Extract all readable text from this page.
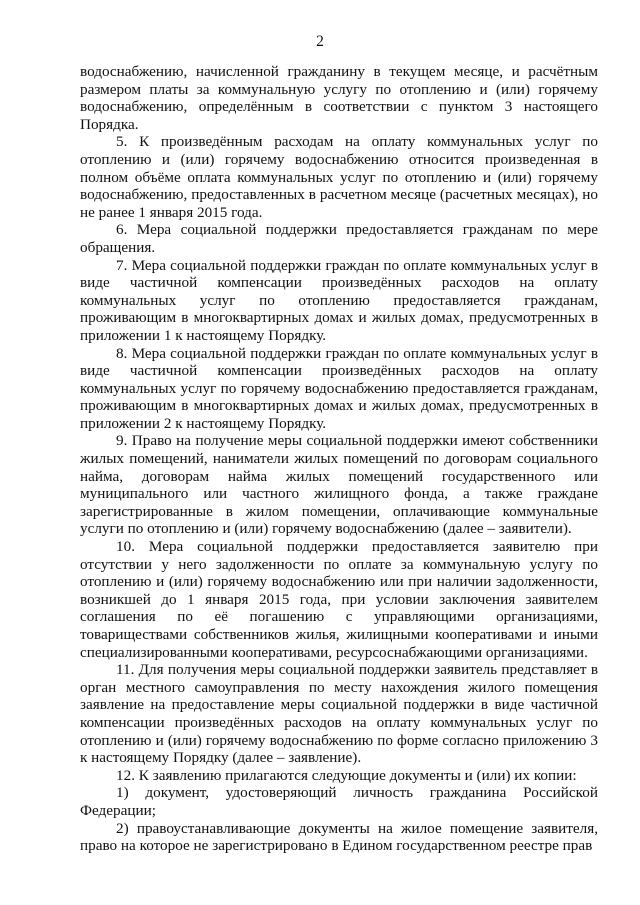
2

водоснабжению, начисленной гражданину в текущем месяце, и расчётным размером платы за коммунальную услугу по отоплению и (или) горячему водоснабжению, определённым в соответствии с пунктом 3 настоящего Порядка.

5. К произведённым расходам на оплату коммунальных услуг по отоплению и (или) горячему водоснабжению относится произведенная в полном объёме оплата коммунальных услуг по отоплению и (или) горячему водоснабжению, предоставленных в расчетном месяце (расчетных месяцах), но не ранее 1 января 2015 года.

6. Мера социальной поддержки предоставляется гражданам по мере обращения.

7. Мера социальной поддержки граждан по оплате коммунальных услуг в виде частичной компенсации произведённых расходов на оплату коммунальных услуг по отоплению предоставляется гражданам, проживающим в многоквартирных домах и жилых домах, предусмотренных в приложении 1 к настоящему Порядку.

8. Мера социальной поддержки граждан по оплате коммунальных услуг в виде частичной компенсации произведённых расходов на оплату коммунальных услуг по горячему водоснабжению предоставляется гражданам, проживающим в многоквартирных домах и жилых домах, предусмотренных в приложении 2 к настоящему Порядку.

9. Право на получение меры социальной поддержки имеют собственники жилых помещений, наниматели жилых помещений по договорам социального найма, договорам найма жилых помещений государственного или муниципального или частного жилищного фонда, а также граждане зарегистрированные в жилом помещении, оплачивающие коммунальные услуги по отоплению и (или) горячему водоснабжению (далее – заявители).

10. Мера социальной поддержки предоставляется заявителю при отсутствии у него задолженности по оплате за коммунальную услугу по отоплению и (или) горячему водоснабжению или при наличии задолженности, возникшей до 1 января 2015 года, при условии заключения заявителем соглашения по её погашению с управляющими организациями, товариществами собственников жилья, жилищными кооперативами и иными специализированными кооперативами, ресурсоснабжающими организациями.

11. Для получения меры социальной поддержки заявитель представляет в орган местного самоуправления по месту нахождения жилого помещения заявление на предоставление меры социальной поддержки в виде частичной компенсации произведённых расходов на оплату коммунальных услуг по отоплению и (или) горячему водоснабжению по форме согласно приложению 3 к настоящему Порядку (далее – заявление).

12. К заявлению прилагаются следующие документы и (или) их копии:

1) документ, удостоверяющий личность гражданина Российской Федерации;

2) правоустанавливающие документы на жилое помещение заявителя, право на которое не зарегистрировано в Едином государственном реестре прав
